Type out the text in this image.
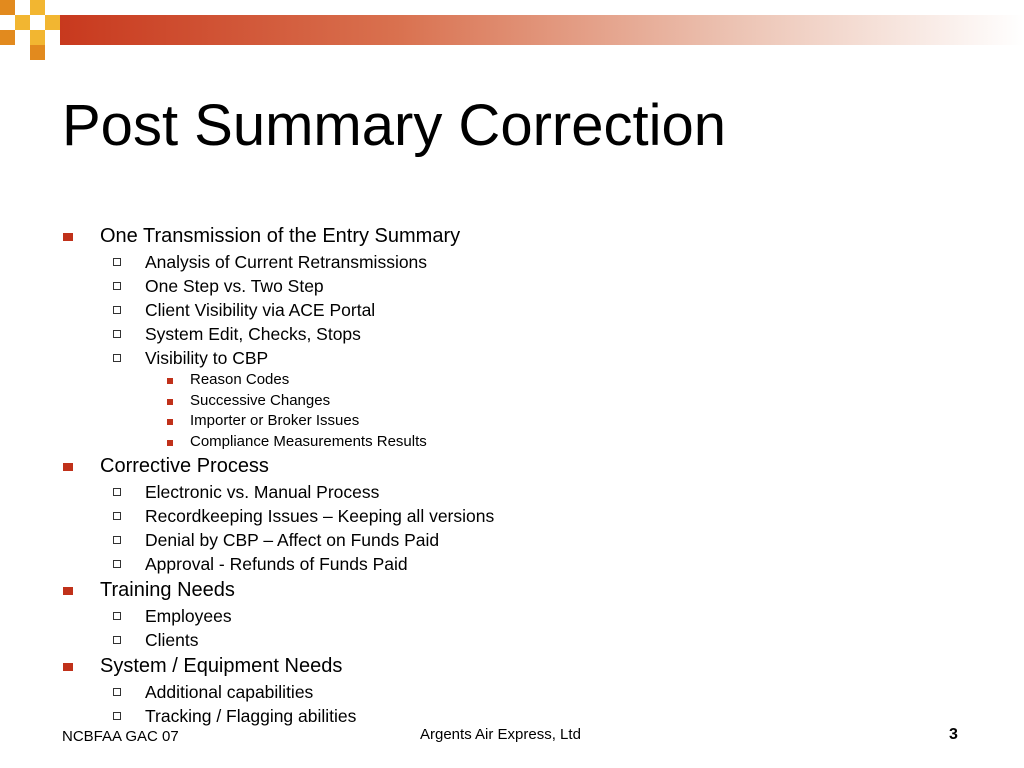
Post Summary Correction
One Transmission of the Entry Summary
Analysis of Current Retransmissions
One Step vs. Two Step
Client Visibility via ACE Portal
System Edit, Checks, Stops
Visibility to CBP
Reason Codes
Successive Changes
Importer or Broker Issues
Compliance Measurements Results
Corrective Process
Electronic vs. Manual Process
Recordkeeping Issues – Keeping all versions
Denial by CBP – Affect on Funds Paid
Approval - Refunds of Funds Paid
Training Needs
Employees
Clients
System / Equipment Needs
Additional capabilities
Tracking / Flagging abilities
NCBFAA GAC 07	Argents Air Express, Ltd	3
